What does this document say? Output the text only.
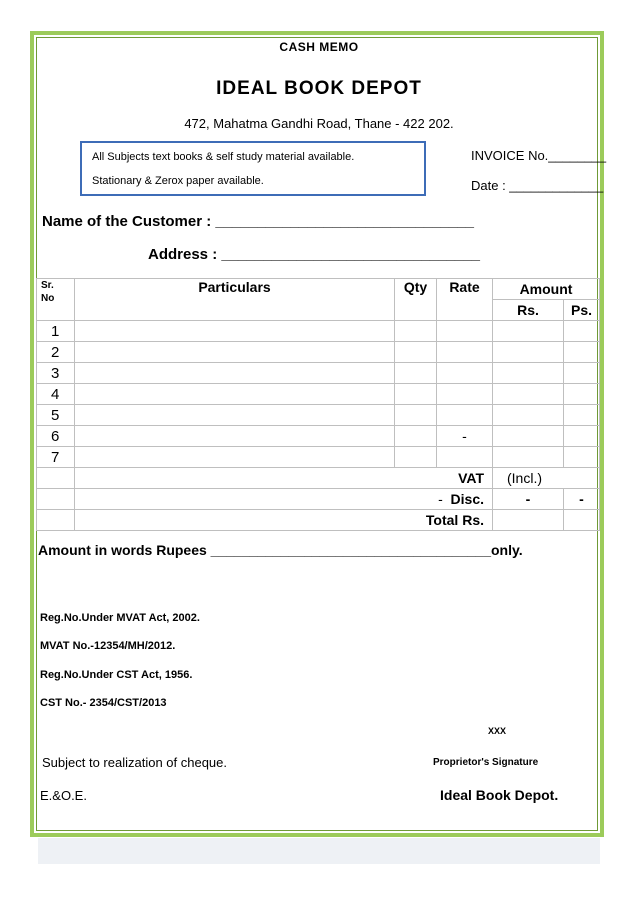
CASH MEMO
IDEAL BOOK DEPOT
472, Mahatma Gandhi Road, Thane - 422 202.
All Subjects text books & self study material available.
Stationary & Zerox paper available.
INVOICE No.________
Date : _____________
Name of the Customer : _______________________________
Address : _______________________________
Sr.
No	Particulars	Qty	Rate	Amount	
				Rs.	Ps.
1					
2					
3					
4					
5					
6			-		
7					
	VAT			(Incl.)	
	- Disc.			-	-
	Total Rs.				
Amount in words Rupees ____________________________________only.
Reg.No.Under MVAT Act, 2002.
MVAT No.-12354/MH/2012.
Reg.No.Under CST Act, 1956.
CST No.- 2354/CST/2013
XXX
Subject to realization of cheque.	Proprietor's Signature
E.&O.E.	Ideal Book Depot.
